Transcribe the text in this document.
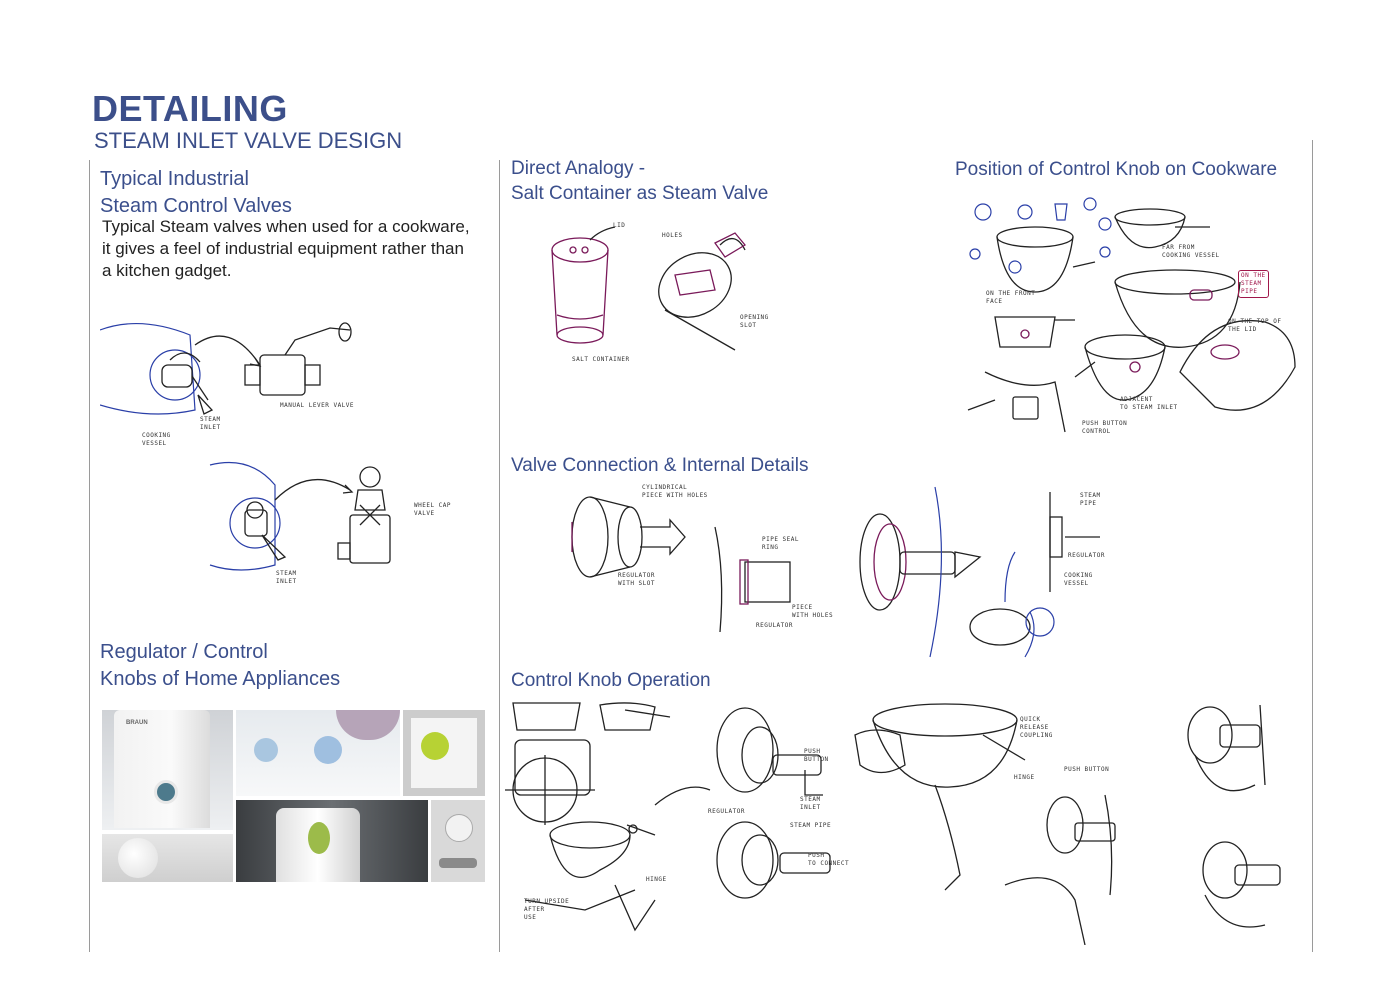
DETAILING
STEAM INLET VALVE DESIGN
Typical Industrial
Steam Control Valves
Typical Steam valves when used for a cookware,
it gives a feel of industrial equipment rather than
a kitchen gadget.
MANUAL LEVER VALVE
STEAM
INLET
COOKING
VESSEL
WHEEL CAP
VALVE
STEAM
INLET
Regulator / Control
Knobs of Home Appliances
BRAUN
Direct Analogy -
Salt Container as Steam Valve
LID
HOLES
OPENING
SLOT
SALT CONTAINER
Valve Connection & Internal Details
CYLINDRICAL
PIECE WITH HOLES
REGULATOR
WITH SLOT
PIPE SEAL
RING
PIECE
WITH HOLES
REGULATOR
STEAM
PIPE
REGULATOR
COOKING
VESSEL
Control Knob Operation
PUSH
BUTTON
STEAM
INLET
REGULATOR
STEAM PIPE
HINGE
PUSH
TO CONNECT
TURN UPSIDE
AFTER
USE
QUICK
RELEASE
COUPLING
HINGE
PUSH BUTTON
Position of Control Knob on Cookware
FAR FROM
COOKING VESSEL
ON THE FRONT
FACE
ON THE
STEAM
PIPE
ON THE TOP OF
THE LID
ADJACENT
TO STEAM INLET
PUSH BUTTON
CONTROL
